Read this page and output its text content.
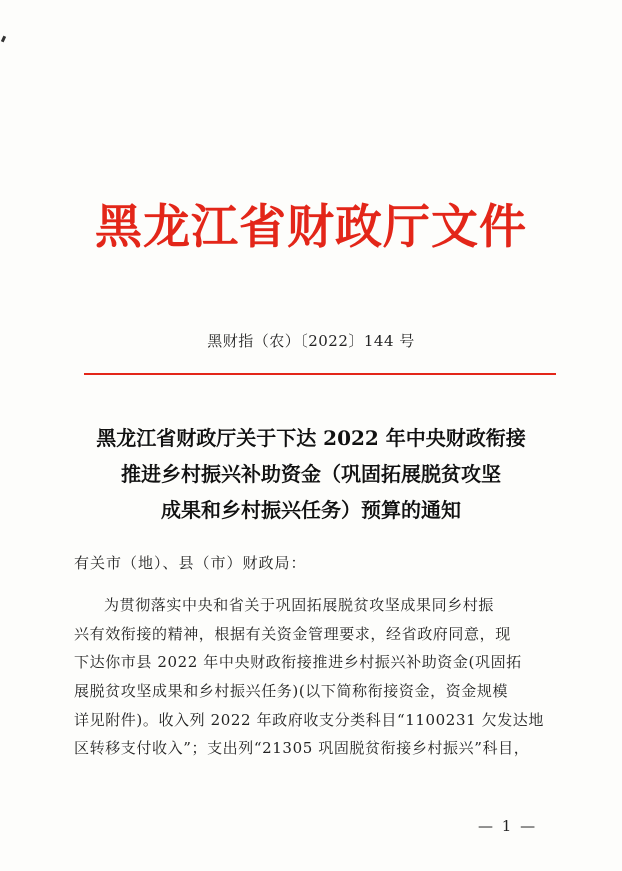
黑龙江省财政厅文件
黑财指（农）〔2022〕144 号
黑龙江省财政厅关于下达 2022 年中央财政衔接
推进乡村振兴补助资金（巩固拓展脱贫攻坚
成果和乡村振兴任务）预算的通知
有关市（地）、县（市）财政局：
为贯彻落实中央和省关于巩固拓展脱贫攻坚成果同乡村振
兴有效衔接的精神，根据有关资金管理要求，经省政府同意，现
下达你市县 2022 年中央财政衔接推进乡村振兴补助资金(巩固拓
展脱贫攻坚成果和乡村振兴任务)(以下简称衔接资金，资金规模
详见附件)。收入列 2022 年政府收支分类科目“1100231 欠发达地
区转移支付收入”；支出列“21305 巩固脱贫衔接乡村振兴”科目，
— 1 —
